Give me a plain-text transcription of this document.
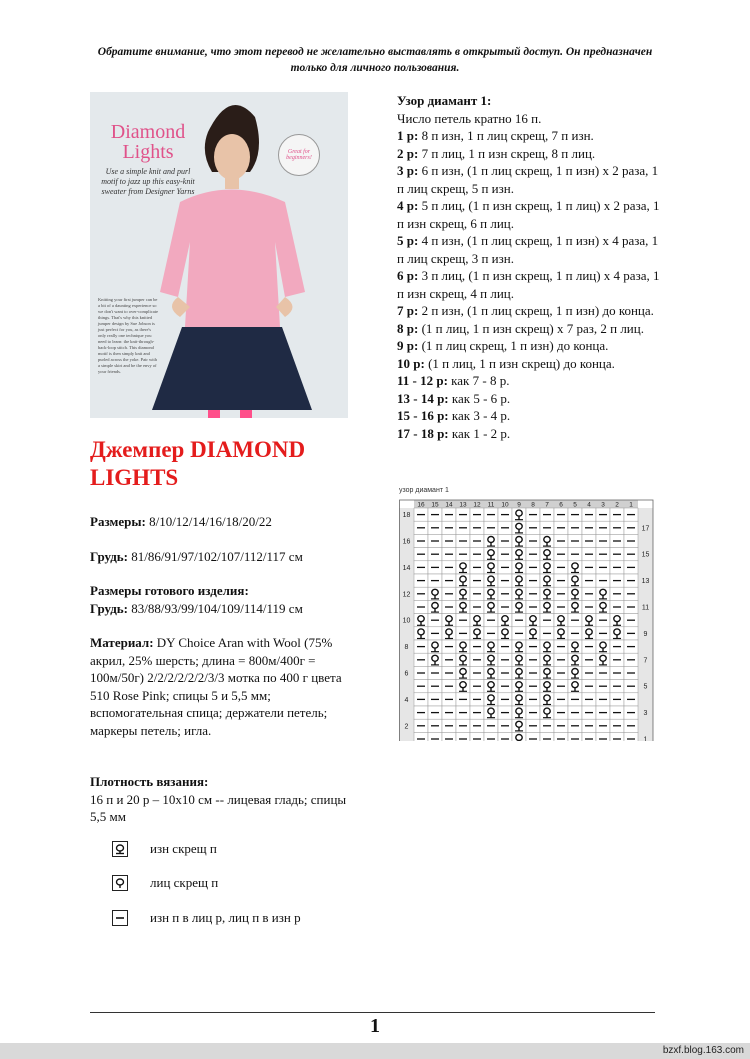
Обратите внимание, что этот перевод не желательно выставлять в открытый доступ. Он предназначен только для личного пользования.
Diamond Lights
Use a simple knit and purl motif to jazz up this easy-knit sweater from Designer Yarns
Great for beginners!
Knitting your first jumper can be a bit of a daunting experience so we don't want to over-complicate things. That's why this knitted jumper design by Sue Jobson is just perfect for you, as there's only really one technique you need to learn: the knit-through-back-loop stitch. This diamond motif is then simply knit and purled across the yoke. Pair with a simple skirt and be the envy of your friends.
Джемпер DIAMOND LIGHTS
Размеры: 8/10/12/14/16/18/20/22
Грудь: 81/86/91/97/102/107/112/117 см
Размеры готового изделия:
Грудь: 83/88/93/99/104/109/114/119 см
Материал: DY Choice Aran with Wool (75% акрил, 25% шерсть; длина = 800м/400г = 100м/50г) 2/2/2/2/2/2/3/3 мотка по 400 г цвета 510 Rose Pink; спицы 5 и 5,5 мм; вспомогательная спица; держатели петель; маркеры петель; игла.
Плотность вязания:
16 п и 20 р – 10х10 см -- лицевая гладь; спицы 5,5 мм
изн скрещ п
лиц скрещ п
изн п в лиц р, лиц п в изн р

Узор диамант 1:

Число петель кратно 16 п.

1 р: 8 п изн, 1 п лиц скрещ, 7 п изн.

2 р: 7 п лиц, 1 п изн скрещ, 8 п лиц.

3 р: 6 п изн, (1 п лиц скрещ, 1 п изн) х 2 раза, 1 п лиц скрещ, 5 п изн.

4 р: 5 п лиц, (1 п изн скрещ, 1 п лиц) х 2 раза, 1 п изн скрещ, 6 п лиц.

5 р: 4 п изн, (1 п лиц скрещ, 1 п изн) х 4 раза, 1 п лиц скрещ, 3 п изн.

6 р: 3 п лиц, (1 п изн скрещ, 1 п лиц) х 4 раза, 1 п изн скрещ, 4 п лиц.

7 р: 2 п изн, (1 п лиц скрещ, 1 п изн) до конца.

8 р: (1 п лиц, 1 п изн скрещ) х 7 раз, 2 п лиц.

9 р: (1 п лиц скрещ, 1 п изн) до конца.

10 р: (1 п лиц, 1 п изн скрещ) до конца.

11 - 12 р: как 7 - 8 р.

13 - 14 р: как 5 - 6 р.

15 - 16 р: как 3 - 4 р.

17 - 18 р: как 1 - 2 р.

узор диамант 1
16 15 14 13 12 11 10 9 8 7 6 5 4 3 2 1
18
16
14
12
10
8
6
4
2
17
15
13
11
9
7
5
3
1
1
bzxf.blog.163.com
